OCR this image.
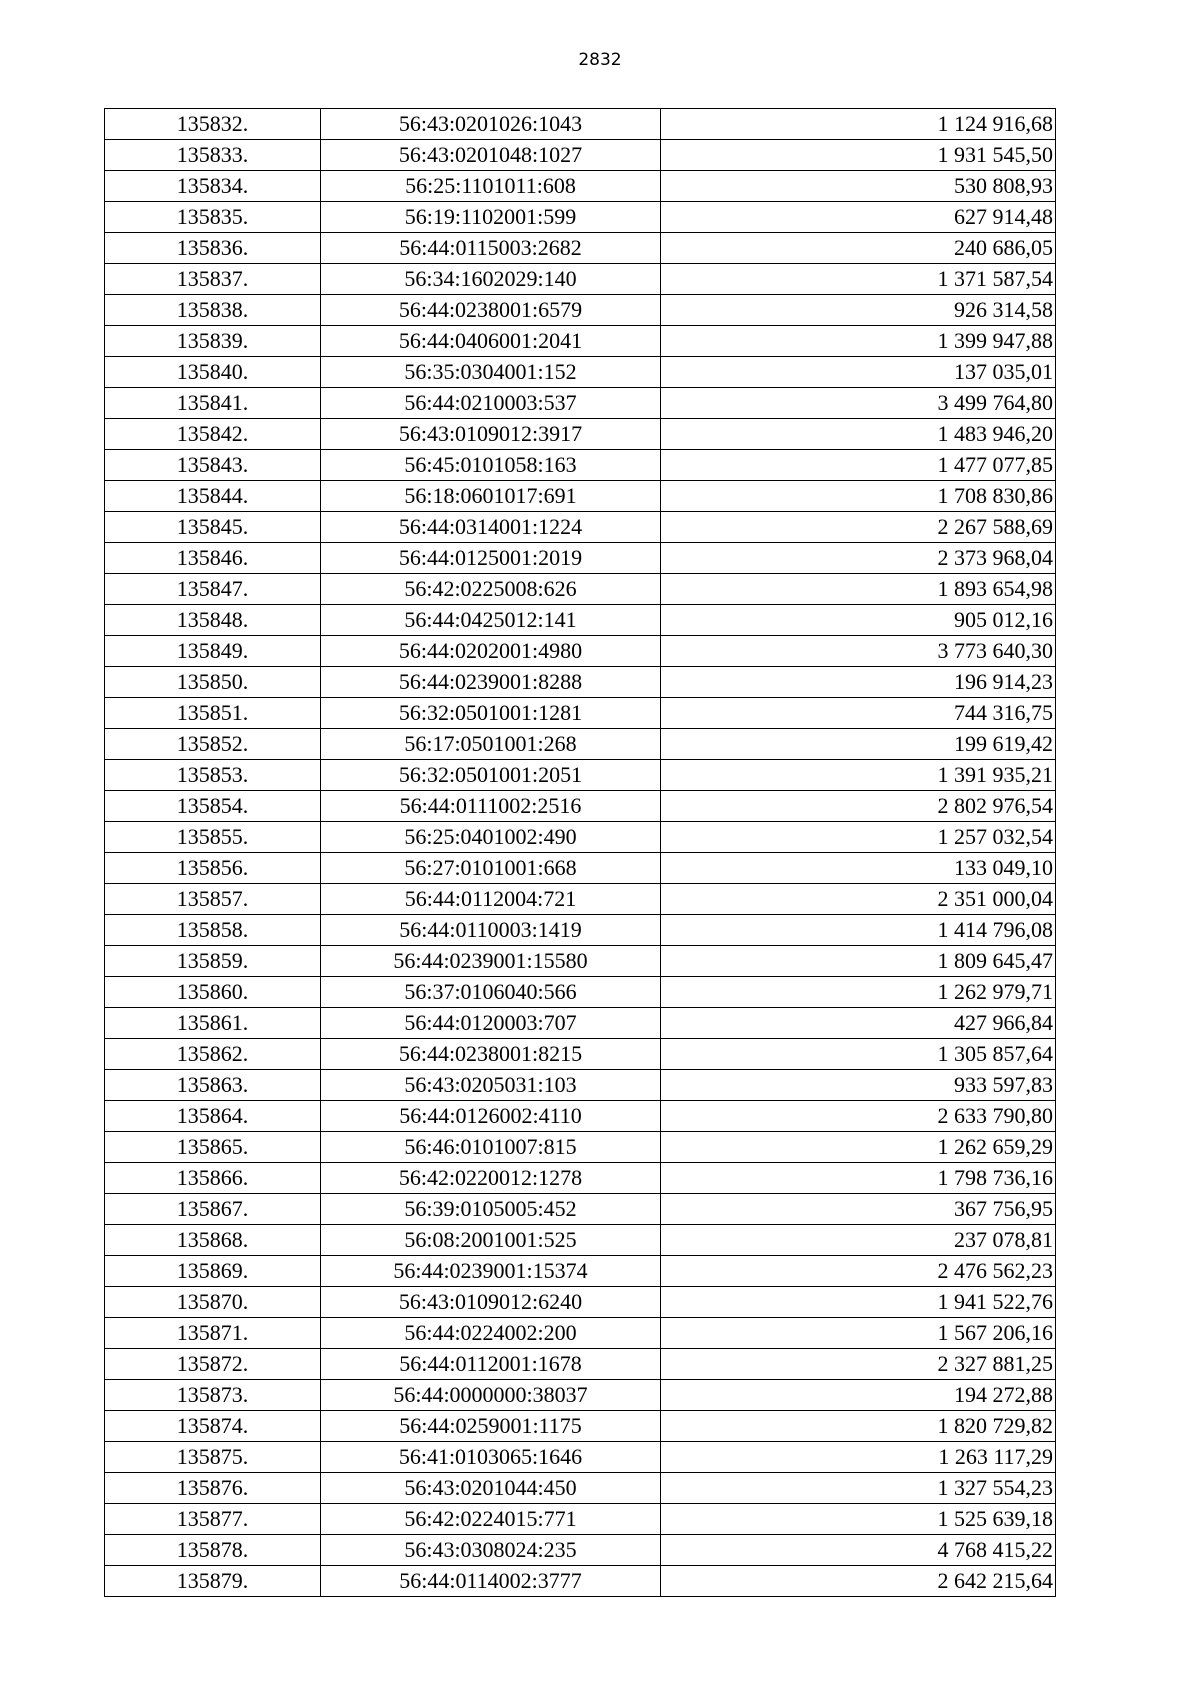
2832
135832.	56:43:0201026:1043	1 124 916,68
135833.	56:43:0201048:1027	1 931 545,50
135834.	56:25:1101011:608	530 808,93
135835.	56:19:1102001:599	627 914,48
135836.	56:44:0115003:2682	240 686,05
135837.	56:34:1602029:140	1 371 587,54
135838.	56:44:0238001:6579	926 314,58
135839.	56:44:0406001:2041	1 399 947,88
135840.	56:35:0304001:152	137 035,01
135841.	56:44:0210003:537	3 499 764,80
135842.	56:43:0109012:3917	1 483 946,20
135843.	56:45:0101058:163	1 477 077,85
135844.	56:18:0601017:691	1 708 830,86
135845.	56:44:0314001:1224	2 267 588,69
135846.	56:44:0125001:2019	2 373 968,04
135847.	56:42:0225008:626	1 893 654,98
135848.	56:44:0425012:141	905 012,16
135849.	56:44:0202001:4980	3 773 640,30
135850.	56:44:0239001:8288	196 914,23
135851.	56:32:0501001:1281	744 316,75
135852.	56:17:0501001:268	199 619,42
135853.	56:32:0501001:2051	1 391 935,21
135854.	56:44:0111002:2516	2 802 976,54
135855.	56:25:0401002:490	1 257 032,54
135856.	56:27:0101001:668	133 049,10
135857.	56:44:0112004:721	2 351 000,04
135858.	56:44:0110003:1419	1 414 796,08
135859.	56:44:0239001:15580	1 809 645,47
135860.	56:37:0106040:566	1 262 979,71
135861.	56:44:0120003:707	427 966,84
135862.	56:44:0238001:8215	1 305 857,64
135863.	56:43:0205031:103	933 597,83
135864.	56:44:0126002:4110	2 633 790,80
135865.	56:46:0101007:815	1 262 659,29
135866.	56:42:0220012:1278	1 798 736,16
135867.	56:39:0105005:452	367 756,95
135868.	56:08:2001001:525	237 078,81
135869.	56:44:0239001:15374	2 476 562,23
135870.	56:43:0109012:6240	1 941 522,76
135871.	56:44:0224002:200	1 567 206,16
135872.	56:44:0112001:1678	2 327 881,25
135873.	56:44:0000000:38037	194 272,88
135874.	56:44:0259001:1175	1 820 729,82
135875.	56:41:0103065:1646	1 263 117,29
135876.	56:43:0201044:450	1 327 554,23
135877.	56:42:0224015:771	1 525 639,18
135878.	56:43:0308024:235	4 768 415,22
135879.	56:44:0114002:3777	2 642 215,64
